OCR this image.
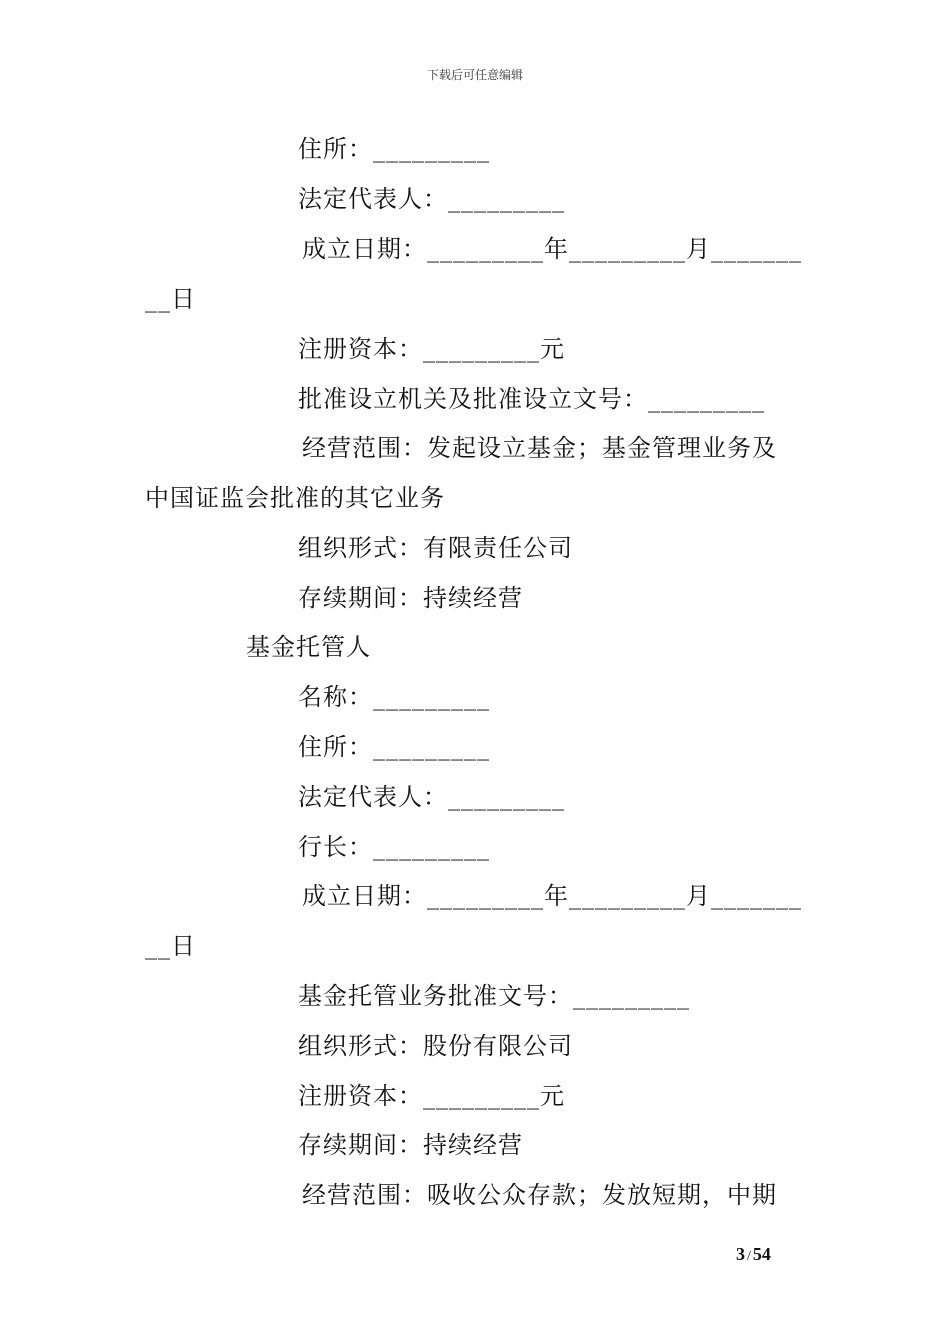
下载后可任意编辑
住所：_________
法定代表人：_________
成立日期：_________年_________月_______
__日
注册资本：_________元
批准设立机关及批准设立文号：_________
经营范围：发起设立基金；基金管理业务及
中国证监会批准的其它业务
组织形式：有限责任公司
存续期间：持续经营
基金托管人
名称：_________
住所：_________
法定代表人：_________
行长：_________
成立日期：_________年_________月_______
__日
基金托管业务批准文号：_________
组织形式：股份有限公司
注册资本：_________元
存续期间：持续经营
经营范围：吸收公众存款；发放短期，中期
3 / 54
